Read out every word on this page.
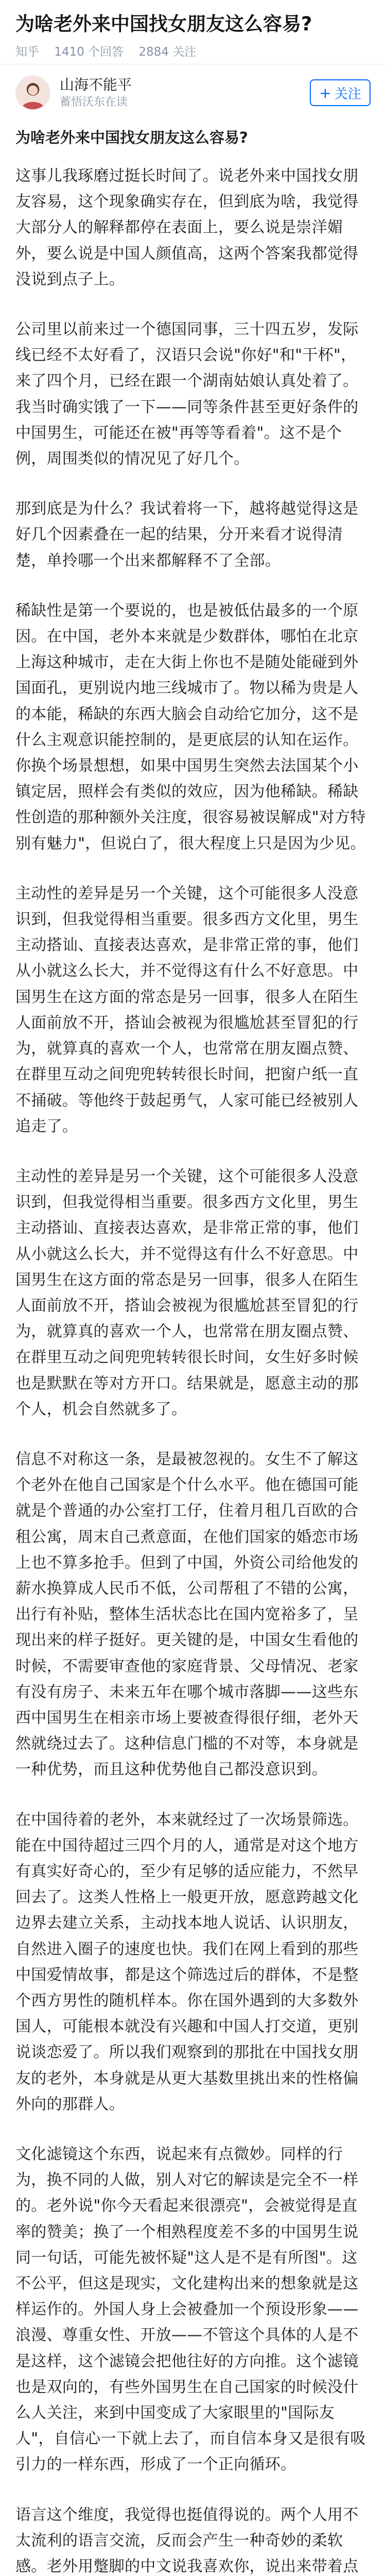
为啥老外来中国找女朋友这么容易?
知乎 1410 个回答 2884 关注
山海不能平
蓄悟沃东在读
+ 关注
为啥老外来中国找女朋友这么容易?

这事儿我琢磨过挺长时间了。说老外来中国找女朋友容易，这个现象确实存在，但到底为啥，我觉得大部分人的解释都停在表面上，要么说是崇洋媚外，要么说是中国人颜值高，这两个答案我都觉得没说到点子上。

公司里以前来过一个德国同事，三十四五岁，发际线已经不太好看了，汉语只会说"你好"和"干杯"，来了四个月，已经在跟一个湖南姑娘认真处着了。我当时确实饿了一下——同等条件甚至更好条件的中国男生，可能还在被"再等等看着"。这不是个例，周围类似的情况见了好几个。

那到底是为什么？我试着将一下，越将越觉得这是好几个因素叠在一起的结果，分开来看才说得清楚，单拎哪一个出来都解释不了全部。

稀缺性是第一个要说的，也是被低估最多的一个原因。在中国，老外本来就是少数群体，哪怕在北京上海这种城市，走在大街上你也不是随处能碰到外国面孔，更别说内地三线城市了。物以稀为贵是人的本能，稀缺的东西大脑会自动给它加分，这不是什么主观意识能控制的，是更底层的认知在运作。你换个场景想想，如果中国男生突然去法国某个小镇定居，照样会有类似的效应，因为他稀缺。稀缺性创造的那种额外关注度，很容易被误解成"对方特别有魅力"，但说白了，很大程度上只是因为少见。

主动性的差异是另一个关键，这个可能很多人没意识到，但我觉得相当重要。很多西方文化里，男生主动搭讪、直接表达喜欢，是非常正常的事，他们从小就这么长大，并不觉得这有什么不好意思。中国男生在这方面的常态是另一回事，很多人在陌生人面前放不开，搭讪会被视为很尴尬甚至冒犯的行为，就算真的喜欢一个人，也常常在朋友圈点赞、在群里互动之间兜兜转转很长时间，把窗户纸一直不捅破。等他终于鼓起勇气，人家可能已经被别人追走了。

主动性的差异是另一个关键，这个可能很多人没意识到，但我觉得相当重要。很多西方文化里，男生主动搭讪、直接表达喜欢，是非常正常的事，他们从小就这么长大，并不觉得这有什么不好意思。中国男生在这方面的常态是另一回事，很多人在陌生人面前放不开，搭讪会被视为很尴尬甚至冒犯的行为，就算真的喜欢一个人，也常常在朋友圈点赞、在群里互动之间兜兜转转很长时间，女生好多时候也是默默在等对方开口。结果就是，愿意主动的那个人，机会自然就多了。

信息不对称这一条，是最被忽视的。女生不了解这个老外在他自己国家是个什么水平。他在德国可能就是个普通的办公室打工仔，住着月租几百欧的合租公寓，周末自己煮意面，在他们国家的婚恋市场上也不算多抢手。但到了中国，外资公司给他发的薪水换算成人民币不低，公司帮租了不错的公寓，出行有补贴，整体生活状态比在国内宽裕多了，呈现出来的样子挺好。更关键的是，中国女生看他的时候，不需要审查他的家庭背景、父母情况、老家有没有房子、未来五年在哪个城市落脚——这些东西中国男生在相亲市场上要被查得很仔细，老外天然就绕过去了。这种信息门槛的不对等，本身就是一种优势，而且这种优势他自己都没意识到。

在中国待着的老外，本来就经过了一次场景筛选。能在中国待超过三四个月的人，通常是对这个地方有真实好奇心的，至少有足够的适应能力，不然早回去了。这类人性格上一般更开放，愿意跨越文化边界去建立关系，主动找本地人说话、认识朋友，自然进入圈子的速度也快。我们在网上看到的那些中国爱情故事，都是这个筛选过后的群体，不是整个西方男性的随机样本。你在国外遇到的大多数外国人，可能根本就没有兴趣和中国人打交道，更别说谈恋爱了。所以我们观察到的那批在中国找女朋友的老外，本身就是从更大基数里挑出来的性格偏外向的那群人。

文化滤镜这个东西，说起来有点微妙。同样的行为，换不同的人做，别人对它的解读是完全不一样的。老外说"你今天看起来很漂亮"，会被觉得是直率的赞美；换了一个相熟程度差不多的中国男生说同一句话，可能先被怀疑"这人是不是有所图"。这不公平，但这是现实，文化建构出来的想象就是这样运作的。外国人身上会被叠加一个预设形象——浪漫、尊重女性、开放——不管这个具体的人是不是这样，这个滤镜会把他往好的方向推。这个滤镜也是双向的，有些外国男生在自己国家的时候没什么人关注，来到中国变成了大家眼里的"国际友人"，自信心一下就上去了，而自信本身又是很有吸引力的一样东西，形成了一个正向循环。

语言这个维度，我觉得也挺值得说的。两个人用不太流利的语言交流，反而会产生一种奇妙的柔软感。老外用蹩脚的中文说我喜欢你，说出来带着点
